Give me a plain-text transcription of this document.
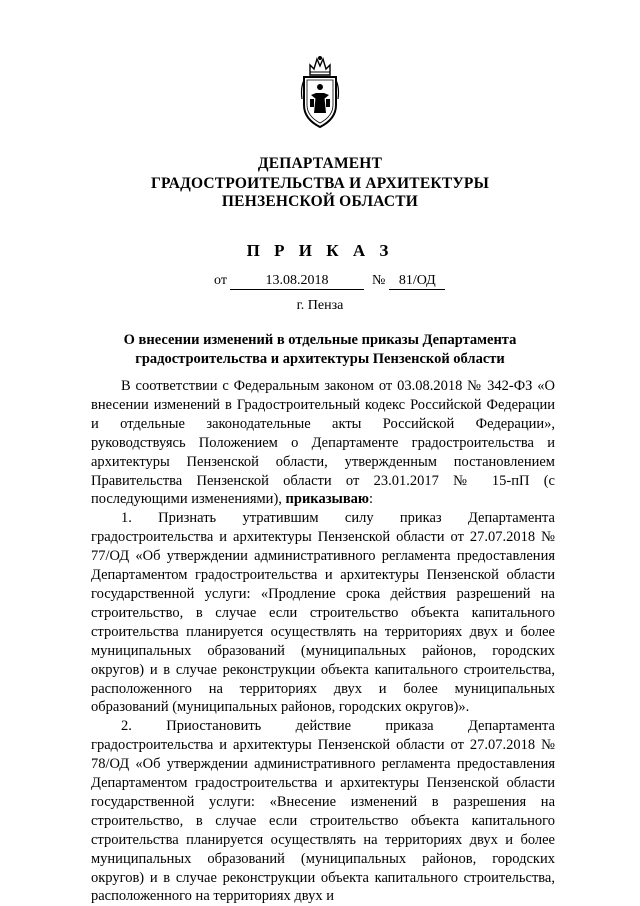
ДЕПАРТАМЕНТ
ГРАДОСТРОИТЕЛЬСТВА И АРХИТЕКТУРЫ
ПЕНЗЕНСКОЙ ОБЛАСТИ
П Р И К А З
от	13.08.2018	№ 81/ОД
г. Пенза
О внесении изменений в отдельные приказы Департамента
градостроительства и архитектуры Пензенской области

В соответствии с Федеральным законом от 03.08.2018 № 342-ФЗ «О внесении изменений в Градостроительный кодекс Российской Федерации и отдельные законодательные акты Российской Федерации», руководствуясь Положением о Департаменте градостроительства и архитектуры Пензенской области, утвержденным постановлением Правительства Пензенской области от 23.01.2017 № 15-пП (с последующими изменениями), приказываю:

1. Признать утратившим силу приказ Департамента градостроительства и архитектуры Пензенской области от 27.07.2018 № 77/ОД «Об утверждении административного регламента предоставления Департаментом градостроительства и архитектуры Пензенской области государственной услуги: «Продление срока действия разрешений на строительство, в случае если строительство объекта капитального строительства планируется осуществлять на территориях двух и более муниципальных образований (муниципальных районов, городских округов) и в случае реконструкции объекта капитального строительства, расположенного на территориях двух и более муниципальных образований (муниципальных районов, городских округов)».

2. Приостановить действие приказа Департамента градостроительства и архитектуры Пензенской области от 27.07.2018 № 78/ОД «Об утверждении административного регламента предоставления Департаментом градостроительства и архитектуры Пензенской области государственной услуги: «Внесение изменений в разрешения на строительство, в случае если строительство объекта капитального строительства планируется осуществлять на территориях двух и более муниципальных образований (муниципальных районов, городских округов) и в случае реконструкции объекта капитального строительства, расположенного на территориях двух и
